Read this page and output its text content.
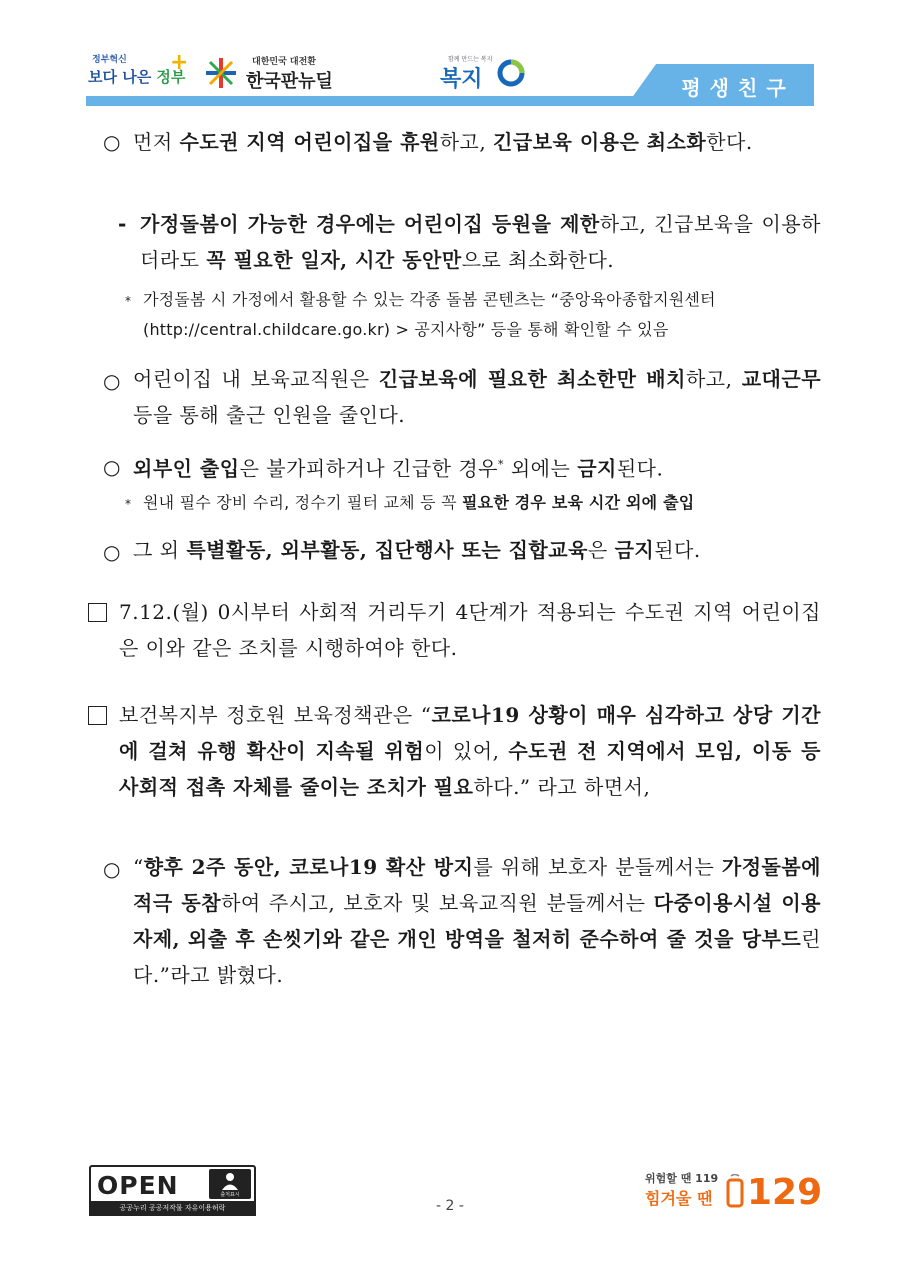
정부혁신
보다 나은 정부
+	대한민국 대전환
한국판뉴딜
함께 만드는 복지
복지	평생친구
○ 먼저 수도권 지역 어린이집을 휴원하고, 긴급보육 이용은 최소화한다.

- 가정돌봄이 가능한 경우에는 어린이집 등원을 제한하고, 긴급보육을 이용하더라도 꼭 필요한 일자, 시간 동안만으로 최소화한다.

* 가정돌봄 시 가정에서 활용할 수 있는 각종 돌봄 콘텐츠는 “중앙육아종합지원센터
(http://central.childcare.go.kr) > 공지사항” 등을 통해 확인할 수 있음
○ 어린이집 내 보육교직원은 긴급보육에 필요한 최소한만 배치하고, 교대근무 등을 통해 출근 인원을 줄인다.

○ 외부인 출입은 불가피하거나 긴급한 경우* 외에는 금지된다.

* 원내 필수 장비 수리, 정수기 필터 교체 등 꼭 필요한 경우 보육 시간 외에 출입
○ 그 외 특별활동, 외부활동, 집단행사 또는 집합교육은 금지된다.

7.12.(월) 0시부터 사회적 거리두기 4단계가 적용되는 수도권 지역 어린이집은 이와 같은 조치를 시행하여야 한다.

보건복지부 정호원 보육정책관은 “코로나19 상황이 매우 심각하고 상당 기간에 걸쳐 유행 확산이 지속될 위험이 있어, 수도권 전 지역에서 모임, 이동 등 사회적 접촉 자체를 줄이는 조치가 필요하다.” 라고 하면서,

○ “향후 2주 동안, 코로나19 확산 방지를 위해 보호자 분들께서는 가정돌봄에 적극 동참하여 주시고, 보호자 및 보육교직원 분들께서는 다중이용시설 이용 자제, 외출 후 손씻기와 같은 개인 방역을 철저히 준수하여 줄 것을 당부드린다.”라고 밝혔다.

OPEN	출처표시
공공누리 공공저작물 자유이용허락	- 2 -
위험할 땐 119
힘겨울 땐 129
